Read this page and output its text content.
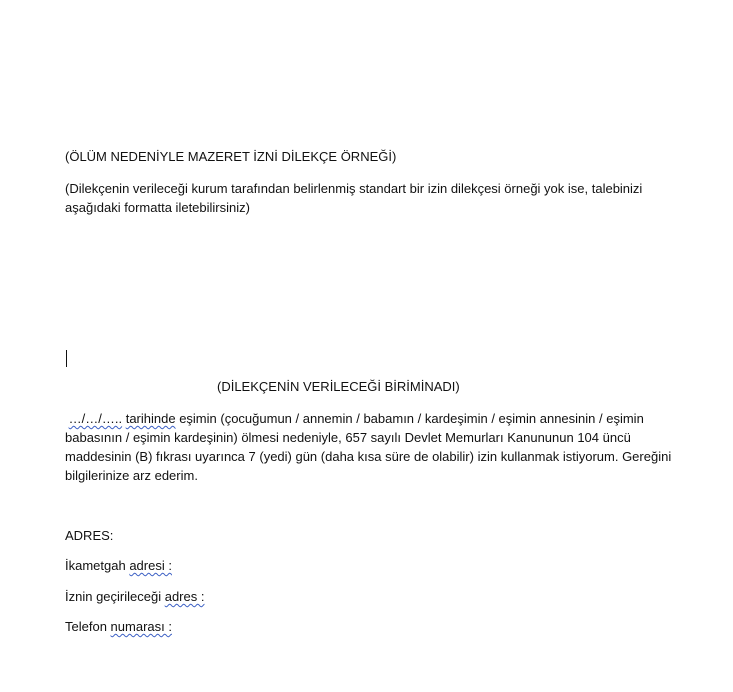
(ÖLÜM NEDENİYLE MAZERET İZNİ DİLEKÇE ÖRNEĞİ)
(Dilekçenin verileceği kurum tarafından belirlenmiş standart bir izin dilekçesi örneği yok ise, talebinizi aşağıdaki formatta iletebilirsiniz)
(DİLEKÇENİN VERİLECEĞİ BİRİMİNADI)
…/…/….. tarihinde eşimin (çocuğumun / annemin / babamın / kardeşimin / eşimin annesinin / eşimin babasının / eşimin kardeşinin) ölmesi nedeniyle, 657 sayılı Devlet Memurları Kanununun 104 üncü maddesinin (B) fıkrası uyarınca 7 (yedi) gün (daha kısa süre de olabilir) izin kullanmak istiyorum. Gereğini bilgilerinize arz ederim.
ADRES:
İkametgah adresi :
İznin geçirileceği adres :
Telefon numarası :
